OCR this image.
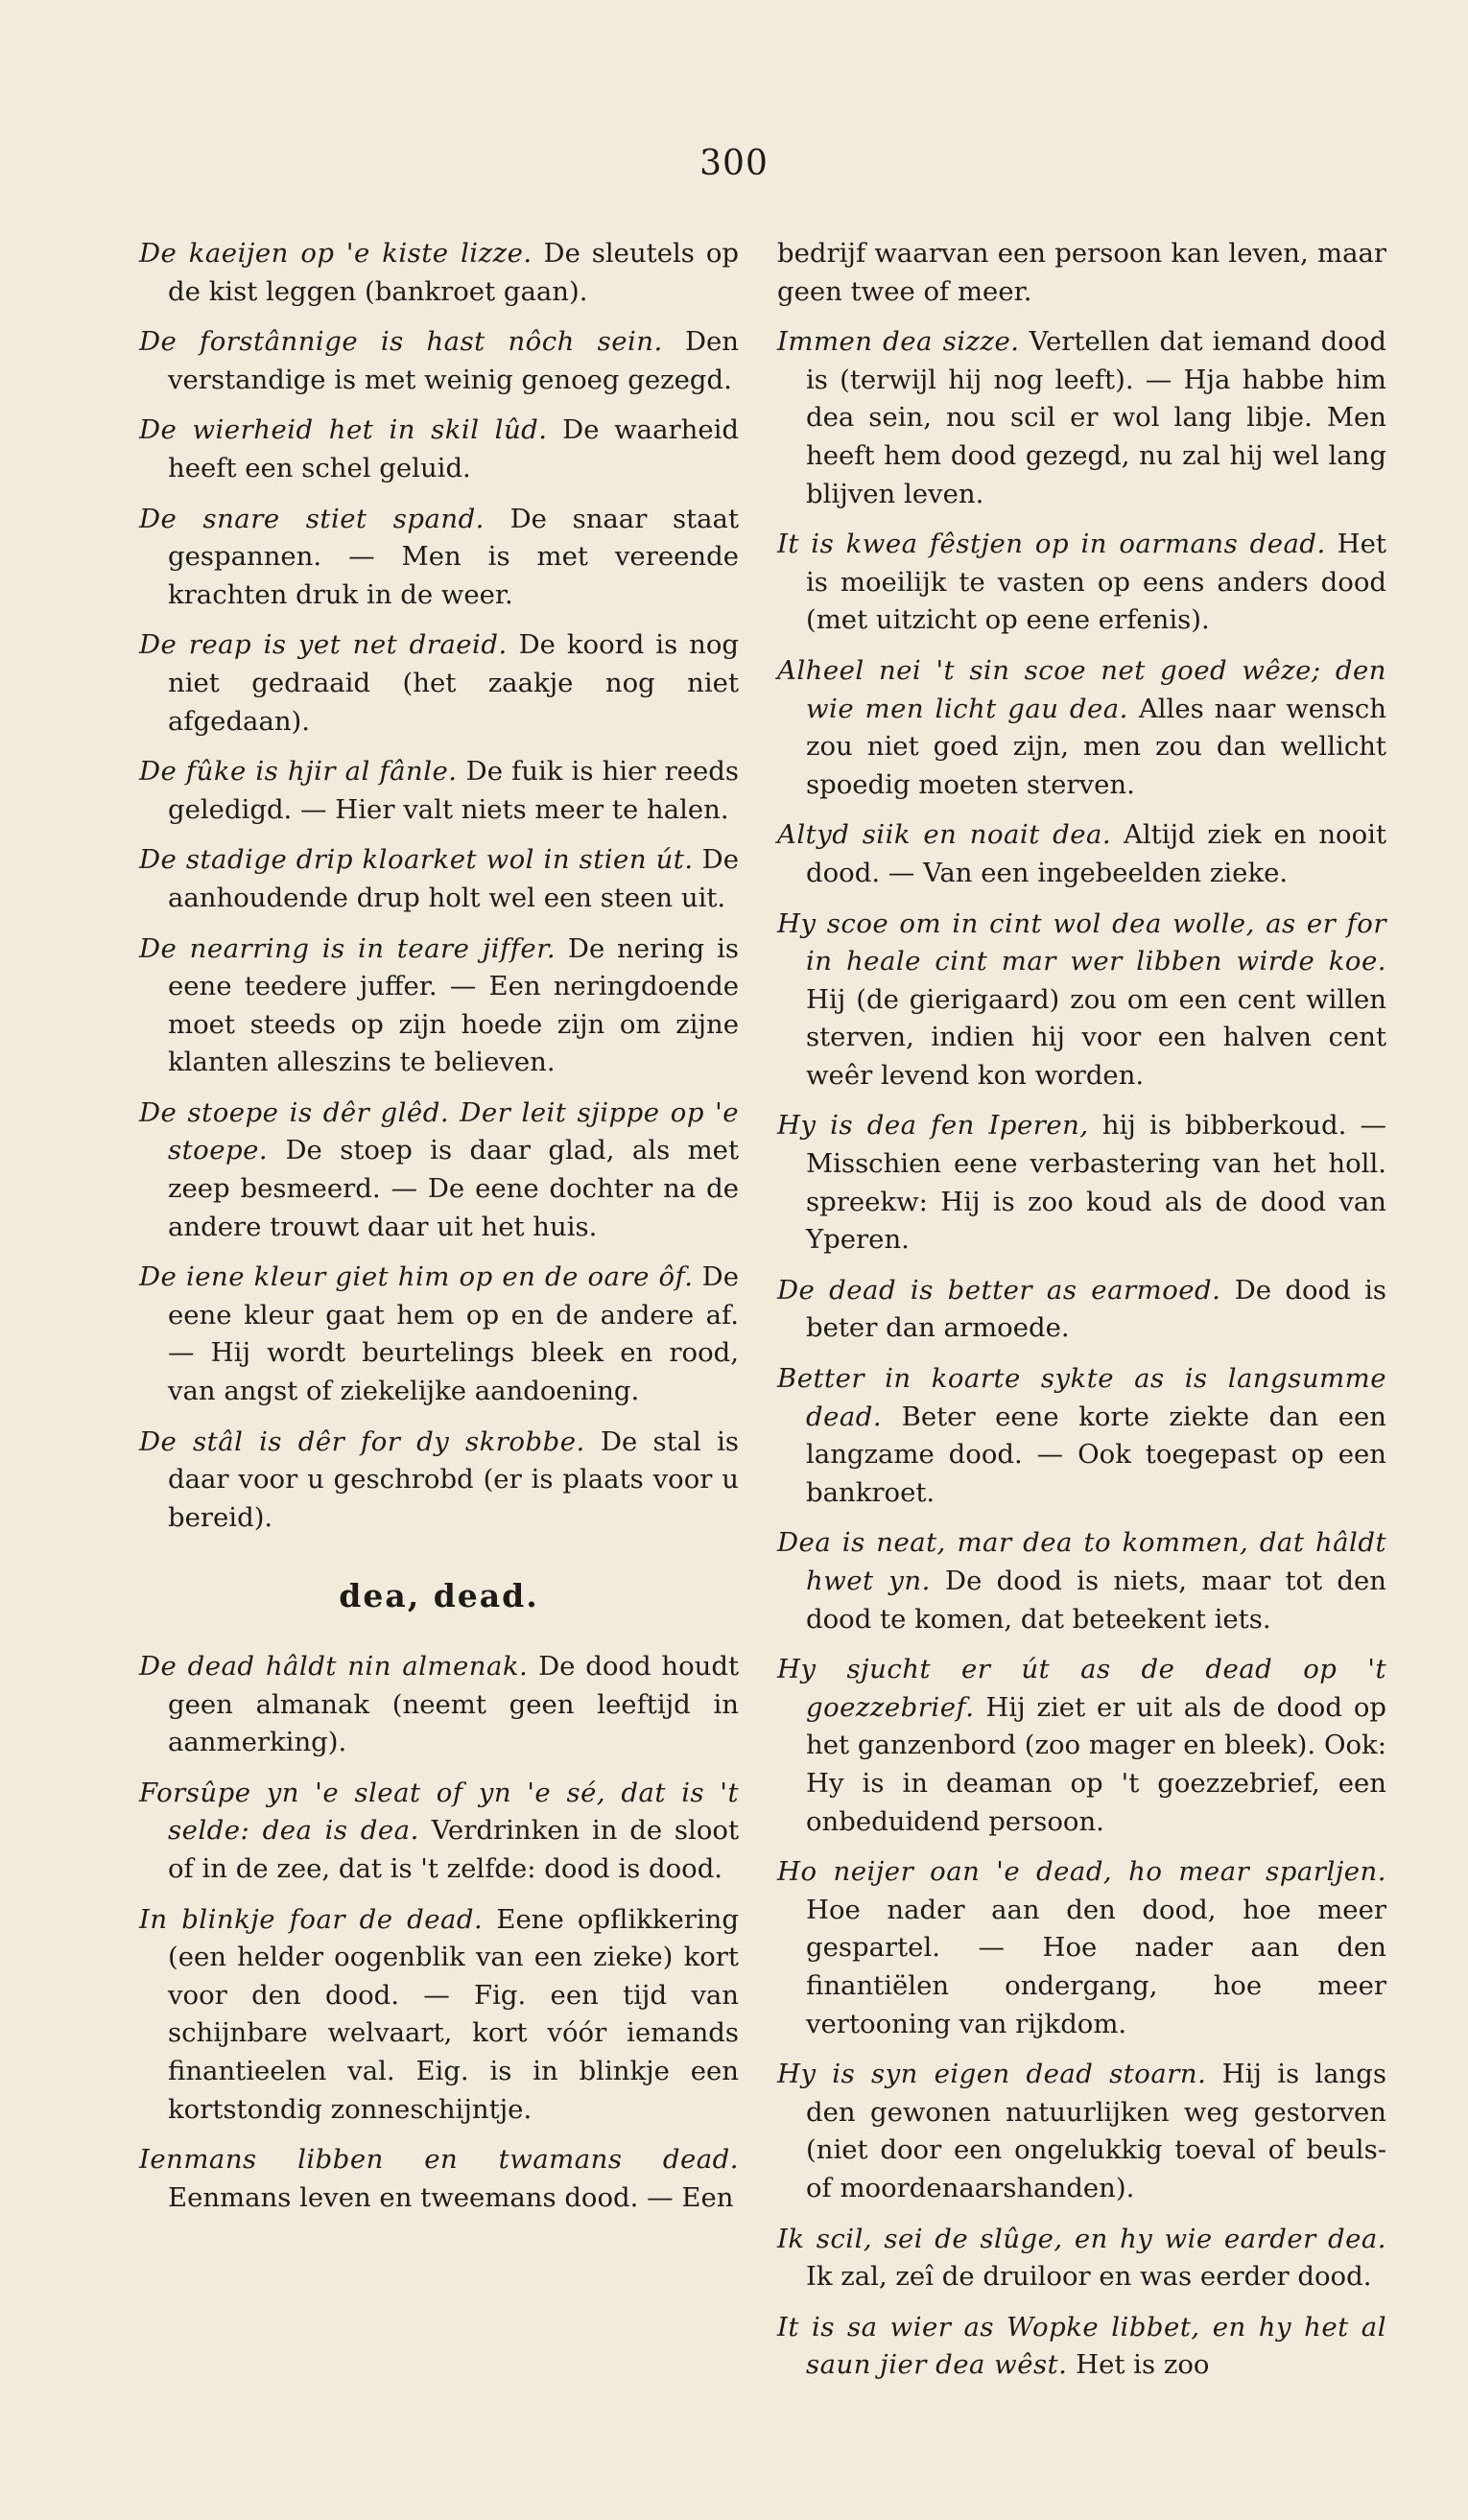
300

De kaeijen op 'e kiste lizze. De sleutels op de kist leggen (bankroet gaan).

De forstânnige is hast nôch sein. Den verstandige is met weinig genoeg gezegd.

De wierheid het in skil lûd. De waarheid heeft een schel geluid.

De snare stiet spand. De snaar staat gespannen. — Men is met vereende krachten druk in de weer.

De reap is yet net draeid. De koord is nog niet gedraaid (het zaakje nog niet afgedaan).

De fûke is hjir al fânle. De fuik is hier reeds geledigd. — Hier valt niets meer te halen.

De stadige drip kloarket wol in stien út. De aanhoudende drup holt wel een steen uit.

De nearring is in teare jiffer. De nering is eene teedere juffer. — Een neringdoende moet steeds op zijn hoede zijn om zijne klanten alleszins te believen.

De stoepe is dêr glêd. Der leit sjippe op 'e stoepe. De stoep is daar glad, als met zeep besmeerd. — De eene dochter na de andere trouwt daar uit het huis.

De iene kleur giet him op en de oare ôf. De eene kleur gaat hem op en de andere af. — Hij wordt beurtelings bleek en rood, van angst of ziekelijke aandoening.

De stâl is dêr for dy skrobbe. De stal is daar voor u geschrobd (er is plaats voor u bereid).

dea, dead.

De dead hâldt nin almenak. De dood houdt geen almanak (neemt geen leeftijd in aanmerking).

Forsûpe yn 'e sleat of yn 'e sé, dat is 't selde: dea is dea. Verdrinken in de sloot of in de zee, dat is 't zelfde: dood is dood.

In blinkje foar de dead. Eene opflikkering (een helder oogenblik van een zieke) kort voor den dood. — Fig. een tijd van schijnbare welvaart, kort vóór iemands finantieelen val. Eig. is in blinkje een kortstondig zonneschijntje.

Ienmans libben en twamans dead. Eenmans leven en tweemans dood. — Een

bedrijf waarvan een persoon kan leven, maar geen twee of meer.

Immen dea sizze. Vertellen dat iemand dood is (terwijl hij nog leeft). — Hja habbe him dea sein, nou scil er wol lang libje. Men heeft hem dood gezegd, nu zal hij wel lang blijven leven.

It is kwea fêstjen op in oarmans dead. Het is moeilijk te vasten op eens anders dood (met uitzicht op eene erfenis).

Alheel nei 't sin scoe net goed wêze; den wie men licht gau dea. Alles naar wensch zou niet goed zijn, men zou dan wellicht spoedig moeten sterven.

Altyd siik en noait dea. Altijd ziek en nooit dood. — Van een ingebeelden zieke.

Hy scoe om in cint wol dea wolle, as er for in heale cint mar wer libben wirde koe. Hij (de gierigaard) zou om een cent willen sterven, indien hij voor een halven cent weêr levend kon worden.

Hy is dea fen Iperen, hij is bibberkoud. — Misschien eene verbastering van het holl. spreekw: Hij is zoo koud als de dood van Yperen.

De dead is better as earmoed. De dood is beter dan armoede.

Better in koarte sykte as is langsumme dead. Beter eene korte ziekte dan een langzame dood. — Ook toegepast op een bankroet.

Dea is neat, mar dea to kommen, dat hâldt hwet yn. De dood is niets, maar tot den dood te komen, dat beteekent iets.

Hy sjucht er út as de dead op 't goezzebrief. Hij ziet er uit als de dood op het ganzenbord (zoo mager en bleek). Ook: Hy is in deaman op 't goezzebrief, een onbeduidend persoon.

Ho neijer oan 'e dead, ho mear sparljen. Hoe nader aan den dood, hoe meer gespartel. — Hoe nader aan den finantiëlen ondergang, hoe meer vertooning van rijkdom.

Hy is syn eigen dead stoarn. Hij is langs den gewonen natuurlijken weg gestorven (niet door een ongelukkig toeval of beuls- of moordenaarshanden).

Ik scil, sei de slûge, en hy wie earder dea. Ik zal, zeî de druiloor en was eerder dood.

It is sa wier as Wopke libbet, en hy het al saun jier dea wêst. Het is zoo
